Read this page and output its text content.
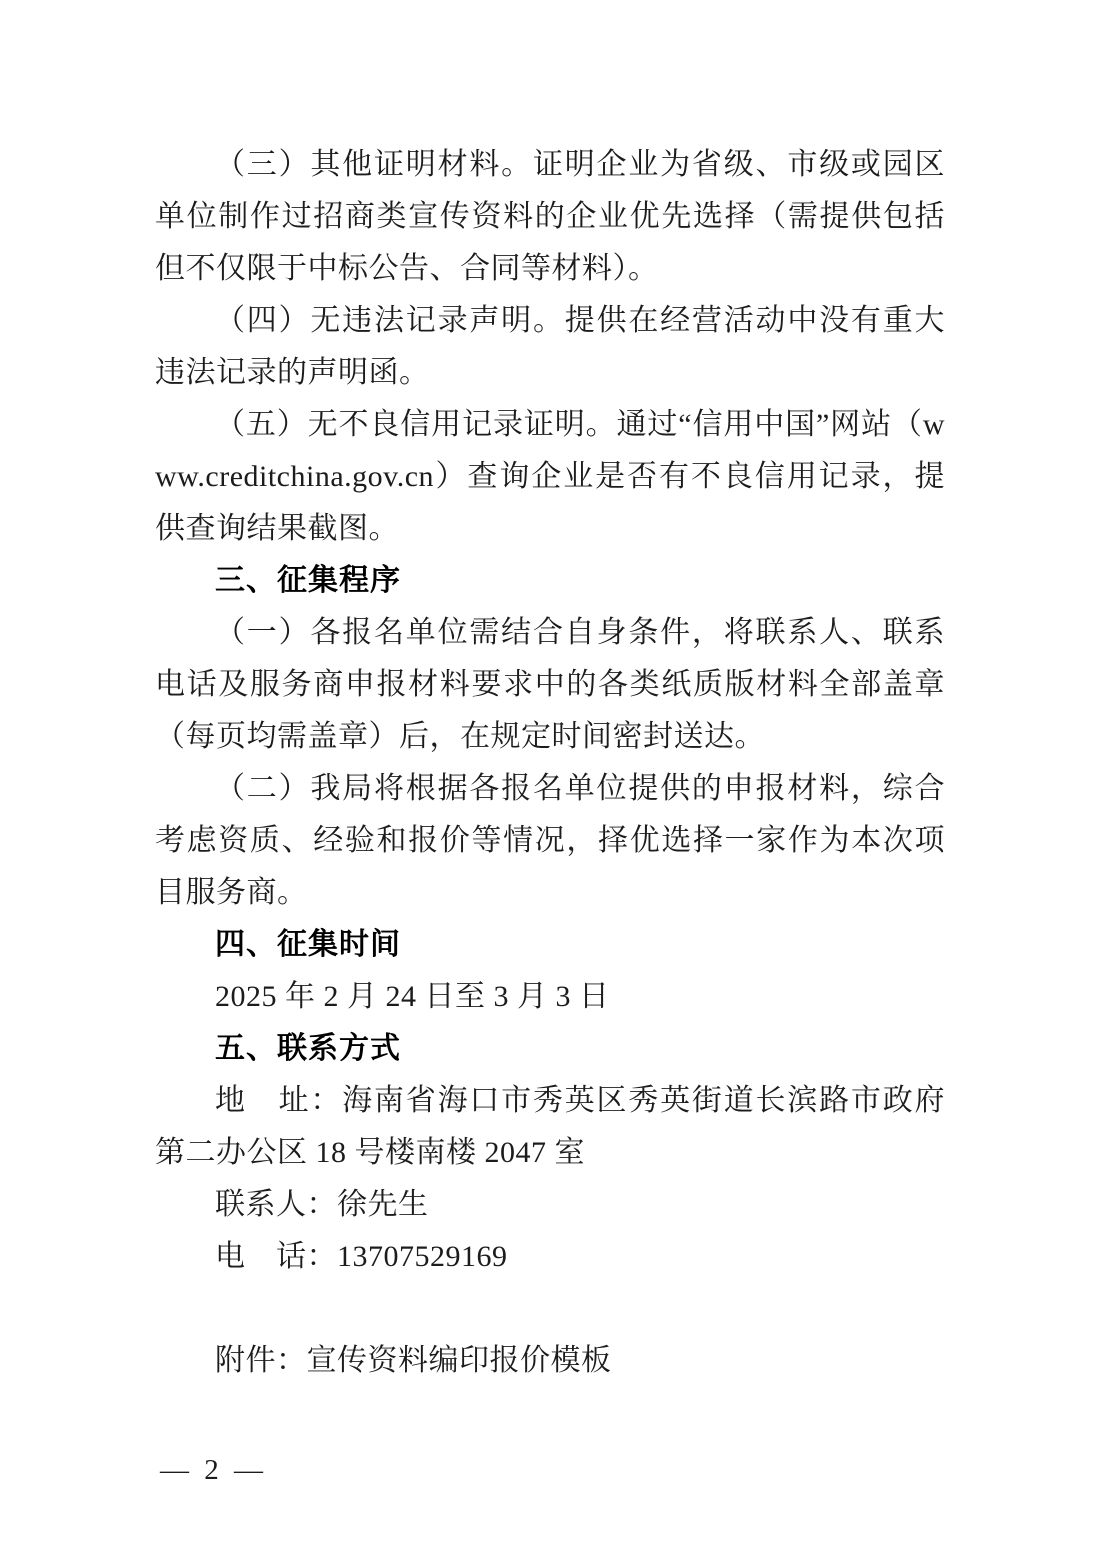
（三）其他证明材料。证明企业为省级、市级或园区单位制作过招商类宣传资料的企业优先选择（需提供包括但不仅限于中标公告、合同等材料）。

（四）无违法记录声明。提供在经营活动中没有重大违法记录的声明函。

（五）无不良信用记录证明。通过“信用中国”网站（www.creditchina.gov.cn）查询企业是否有不良信用记录，提供查询结果截图。

三、征集程序

（一）各报名单位需结合自身条件，将联系人、联系电话及服务商申报材料要求中的各类纸质版材料全部盖章（每页均需盖章）后，在规定时间密封送达。

（二）我局将根据各报名单位提供的申报材料，综合考虑资质、经验和报价等情况，择优选择一家作为本次项目服务商。

四、征集时间

2025 年 2 月 24 日至 3 月 3 日

五、联系方式

地　址：海南省海口市秀英区秀英街道长滨路市政府第二办公区 18 号楼南楼 2047 室

联系人：徐先生

电　话：13707529169

附件：宣传资料编印报价模板

— 2 —
